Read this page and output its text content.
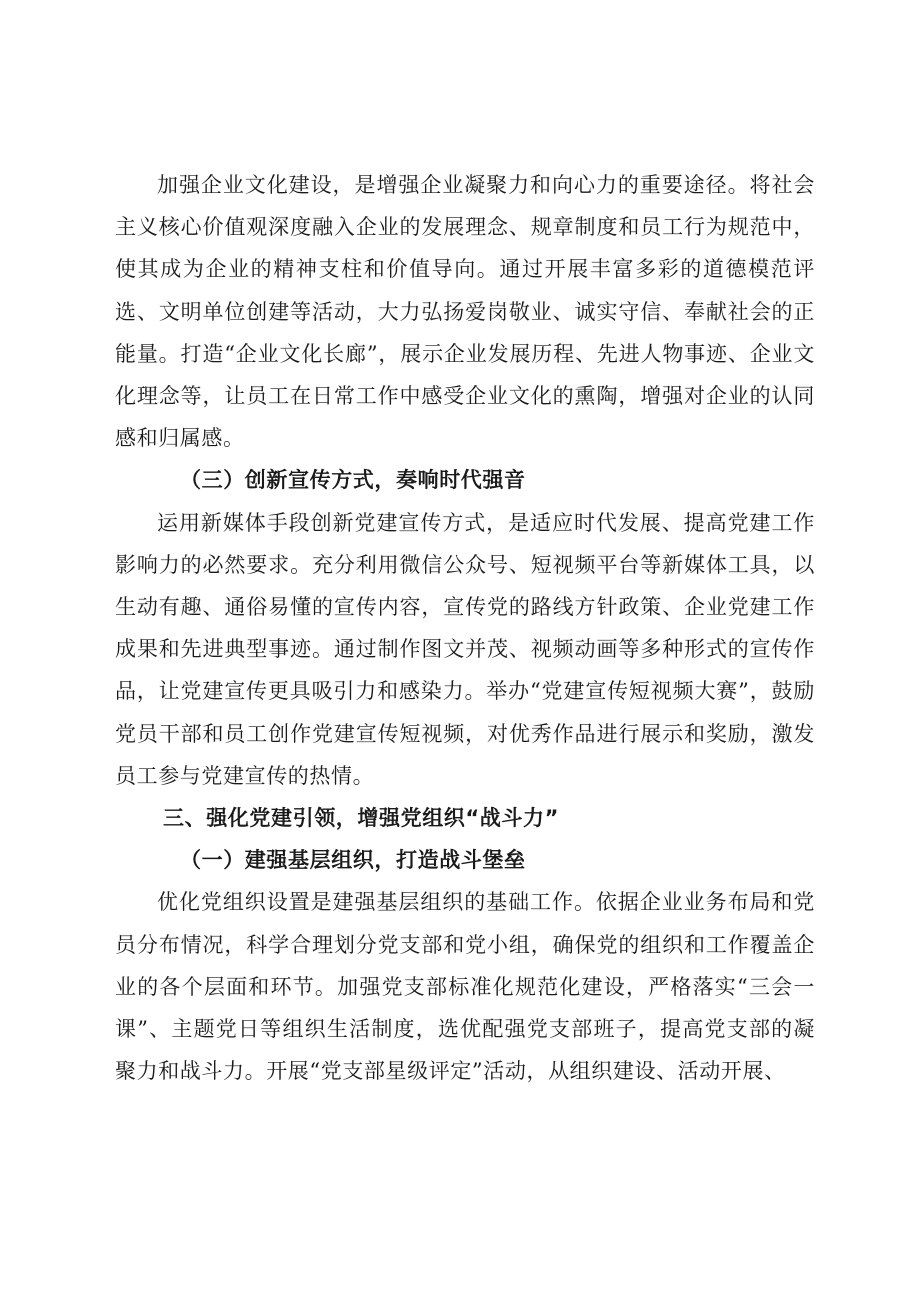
加强企业文化建设，是增强企业凝聚力和向心力的重要途径。将社会主义核心价值观深度融入企业的发展理念、规章制度和员工行为规范中，使其成为企业的精神支柱和价值导向。通过开展丰富多彩的道德模范评选、文明单位创建等活动，大力弘扬爱岗敬业、诚实守信、奉献社会的正能量。打造“企业文化长廊”，展示企业发展历程、先进人物事迹、企业文化理念等，让员工在日常工作中感受企业文化的熏陶，增强对企业的认同感和归属感。

（三）创新宣传方式，奏响时代强音

运用新媒体手段创新党建宣传方式，是适应时代发展、提高党建工作影响力的必然要求。充分利用微信公众号、短视频平台等新媒体工具，以生动有趣、通俗易懂的宣传内容，宣传党的路线方针政策、企业党建工作成果和先进典型事迹。通过制作图文并茂、视频动画等多种形式的宣传作品，让党建宣传更具吸引力和感染力。举办“党建宣传短视频大赛”，鼓励党员干部和员工创作党建宣传短视频，对优秀作品进行展示和奖励，激发员工参与党建宣传的热情。

三、强化党建引领，增强党组织“战斗力”

（一）建强基层组织，打造战斗堡垒

优化党组织设置是建强基层组织的基础工作。依据企业业务布局和党员分布情况，科学合理划分党支部和党小组，确保党的组织和工作覆盖企业的各个层面和环节。加强党支部标准化规范化建设，严格落实“三会一课”、主题党日等组织生活制度，选优配强党支部班子，提高党支部的凝聚力和战斗力。开展“党支部星级评定”活动，从组织建设、活动开展、
